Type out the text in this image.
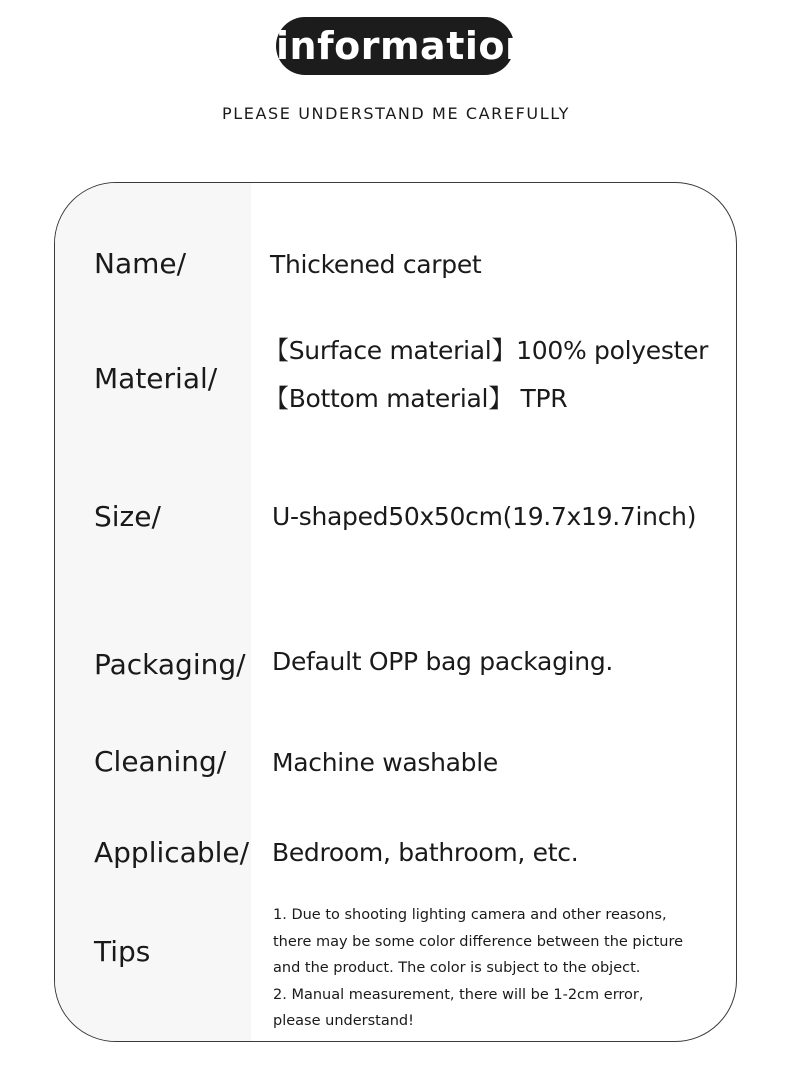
information
PLEASE UNDERSTAND ME CAREFULLY
Name/	Thickened carpet
Material/
【Surface material】100% polyester
【Bottom material】 TPR
Size/	U-shaped50x50cm(19.7x19.7inch)
Packaging/ Default OPP bag packaging.
Cleaning/ Machine washable
Applicable/ Bedroom, bathroom, etc.
Tips
1. Due to shooting lighting camera and other reasons,
there may be some color difference between the picture
and the product. The color is subject to the object.
2. Manual measurement, there will be 1-2cm error,
please understand!
